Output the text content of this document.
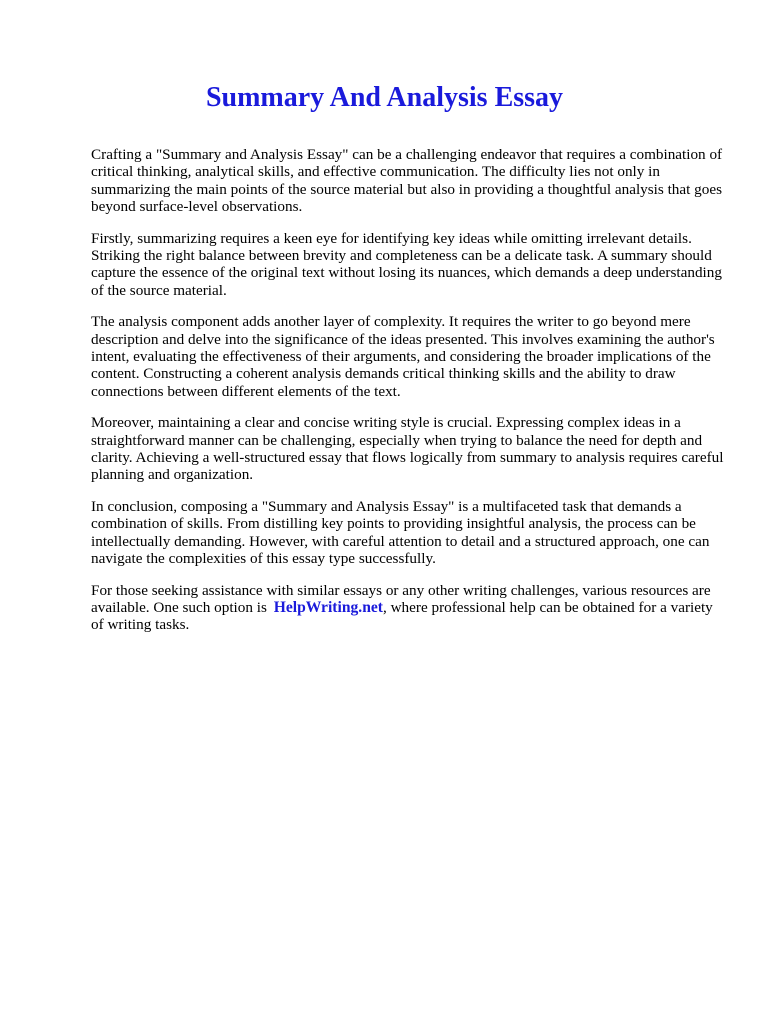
Summary And Analysis Essay

Crafting a "Summary and Analysis Essay" can be a challenging endeavor that requires a combination of critical thinking, analytical skills, and effective communication. The difficulty lies not only in summarizing the main points of the source material but also in providing a thoughtful analysis that goes beyond surface-level observations.

Firstly, summarizing requires a keen eye for identifying key ideas while omitting irrelevant details. Striking the right balance between brevity and completeness can be a delicate task. A summary should capture the essence of the original text without losing its nuances, which demands a deep understanding of the source material.

The analysis component adds another layer of complexity. It requires the writer to go beyond mere description and delve into the significance of the ideas presented. This involves examining the author's intent, evaluating the effectiveness of their arguments, and considering the broader implications of the content. Constructing a coherent analysis demands critical thinking skills and the ability to draw connections between different elements of the text.

Moreover, maintaining a clear and concise writing style is crucial. Expressing complex ideas in a straightforward manner can be challenging, especially when trying to balance the need for depth and clarity. Achieving a well-structured essay that flows logically from summary to analysis requires careful planning and organization.

In conclusion, composing a "Summary and Analysis Essay" is a multifaceted task that demands a combination of skills. From distilling key points to providing insightful analysis, the process can be intellectually demanding. However, with careful attention to detail and a structured approach, one can navigate the complexities of this essay type successfully.

For those seeking assistance with similar essays or any other writing challenges, various resources are available. One such option is HelpWriting.net, where professional help can be obtained for a variety of writing tasks.
